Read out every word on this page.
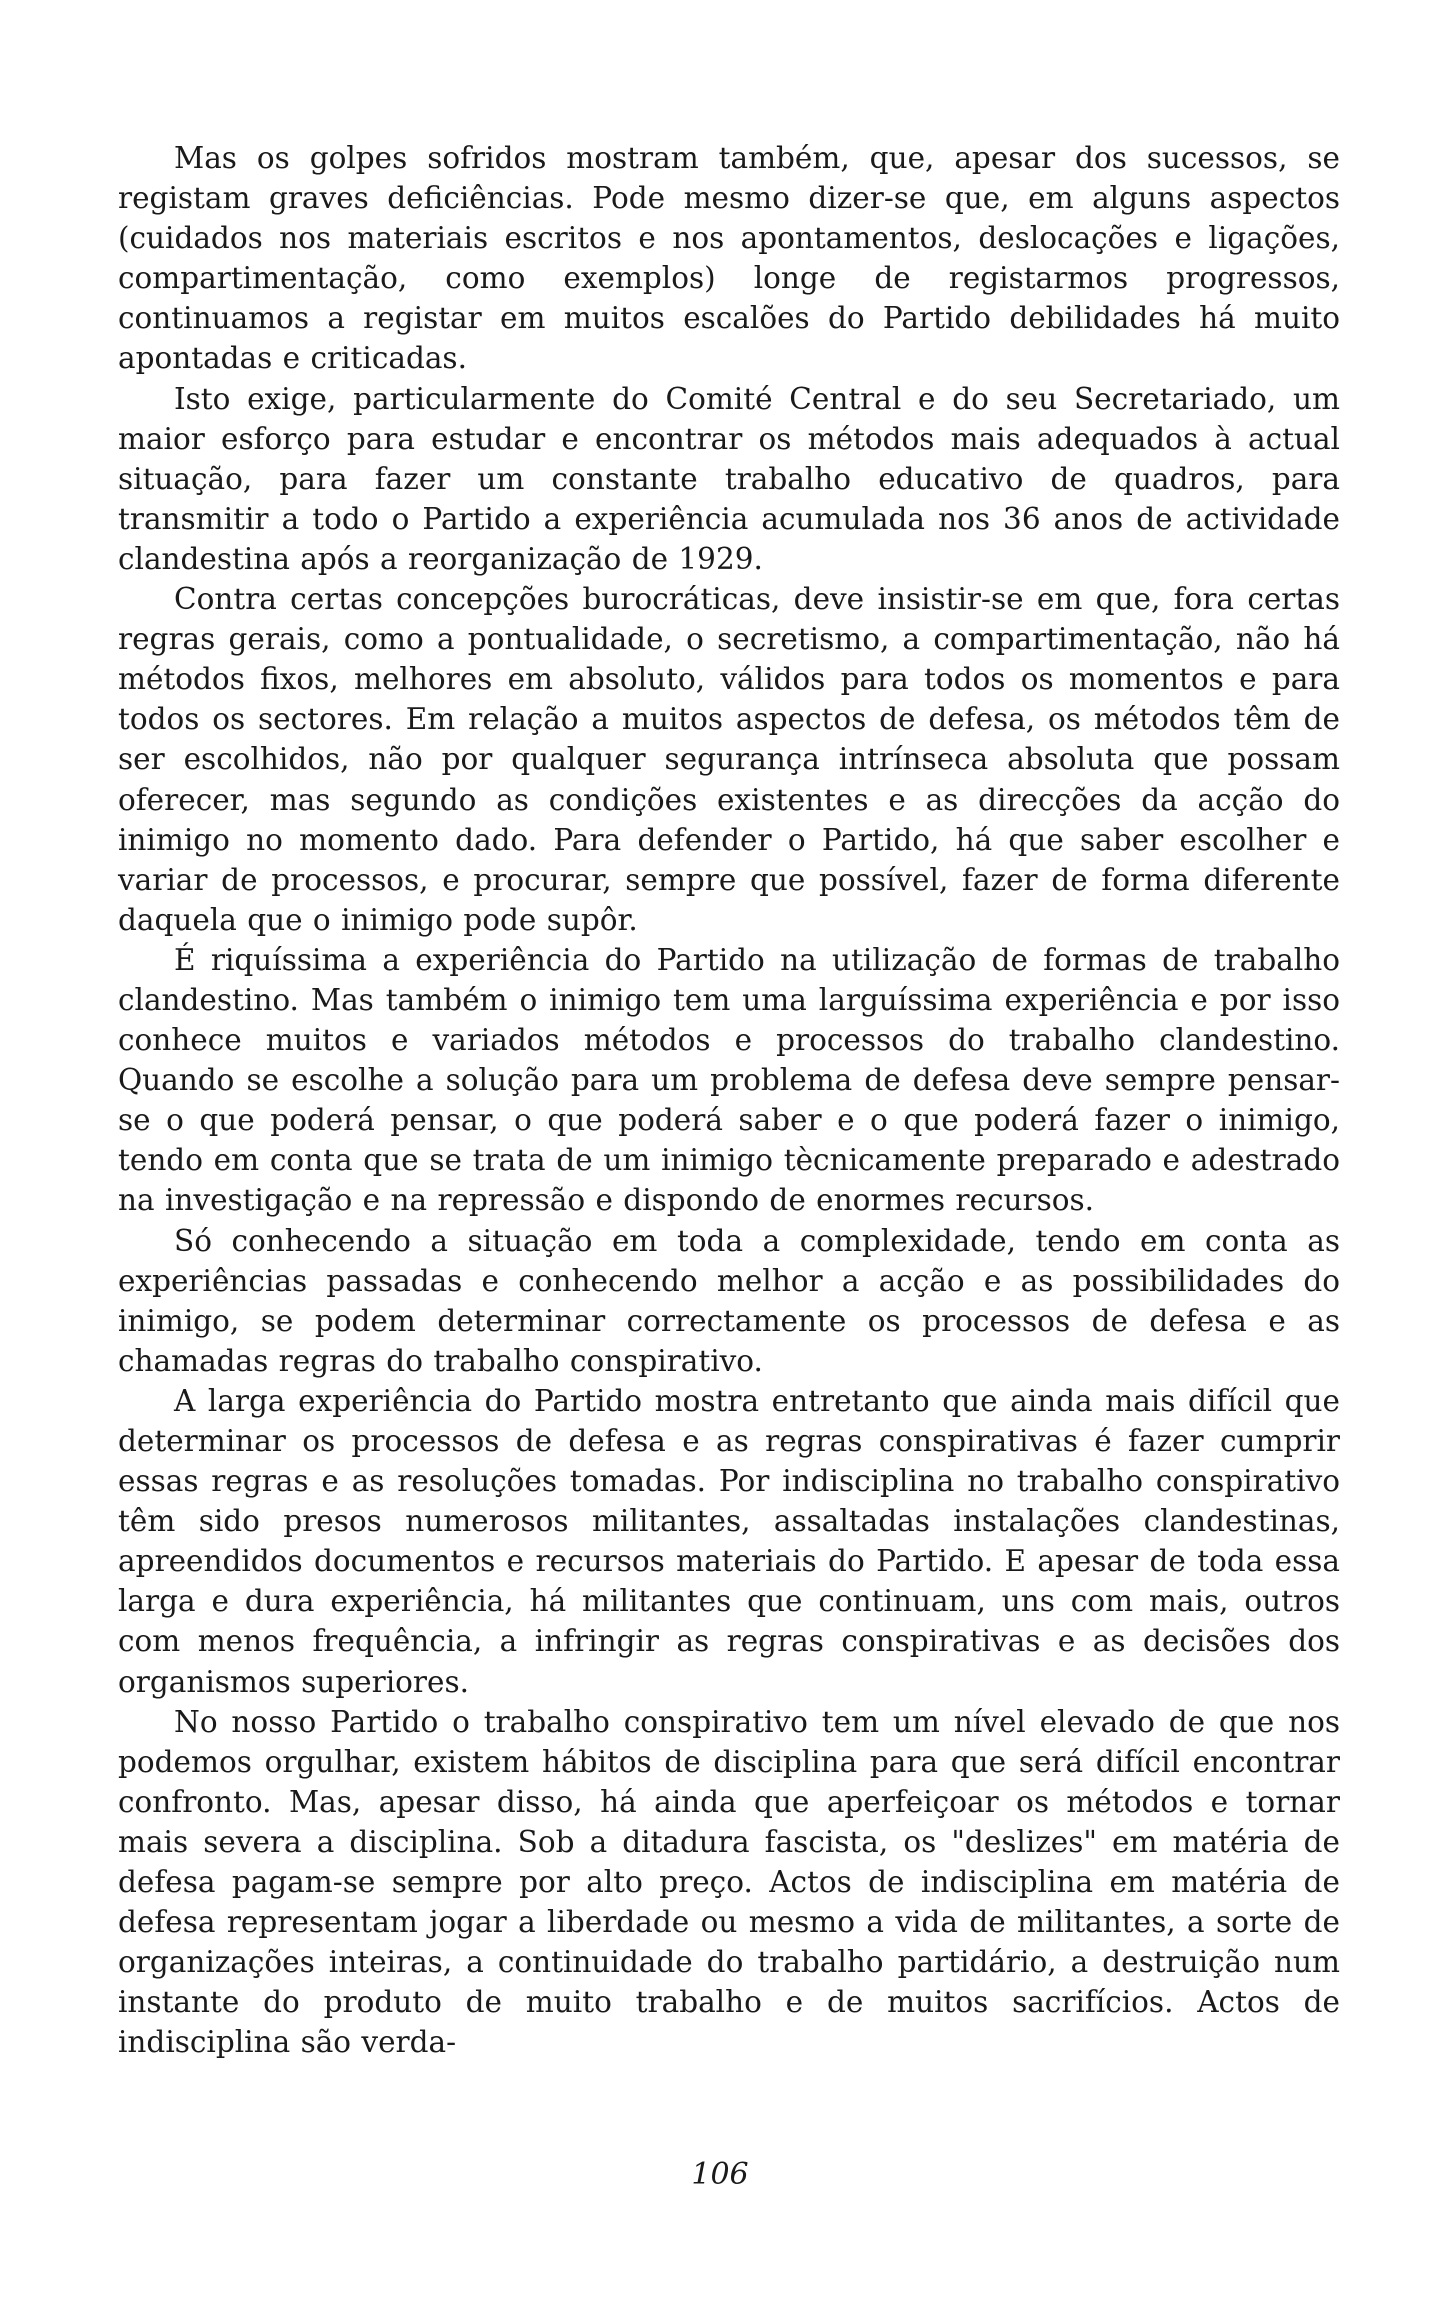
Mas os golpes sofridos mostram também, que, apesar dos sucessos, se registam graves deficiências. Pode mesmo dizer-se que, em alguns aspectos (cuidados nos materiais escritos e nos apontamentos, deslocações e ligações, compartimentação, como exemplos) longe de registarmos progressos, continuamos a registar em muitos escalões do Partido debilidades há muito apontadas e criticadas.

Isto exige, particularmente do Comité Central e do seu Secretariado, um maior esforço para estudar e encontrar os métodos mais adequados à actual situação, para fazer um constante trabalho educativo de quadros, para transmitir a todo o Partido a experiência acumulada nos 36 anos de actividade clandestina após a reorganização de 1929.

Contra certas concepções burocráticas, deve insistir-se em que, fora certas regras gerais, como a pontualidade, o secretismo, a compartimentação, não há métodos fixos, melhores em absoluto, válidos para todos os momentos e para todos os sectores. Em relação a muitos aspectos de defesa, os métodos têm de ser escolhidos, não por qualquer segurança intrínseca absoluta que possam oferecer, mas segundo as condições existentes e as direcções da acção do inimigo no momento dado. Para defender o Partido, há que saber escolher e variar de processos, e procurar, sempre que possível, fazer de forma diferente daquela que o inimigo pode supôr.

É riquíssima a experiência do Partido na utilização de formas de trabalho clandestino. Mas também o inimigo tem uma larguíssima experiência e por isso conhece muitos e variados métodos e processos do trabalho clandestino. Quando se escolhe a solução para um problema de defesa deve sempre pensar-se o que poderá pensar, o que poderá saber e o que poderá fazer o inimigo, tendo em conta que se trata de um inimigo tècnicamente preparado e adestrado na investigação e na repressão e dispondo de enormes recursos.

Só conhecendo a situação em toda a complexidade, tendo em conta as experiências passadas e conhecendo melhor a acção e as possibilidades do inimigo, se podem determinar correctamente os processos de defesa e as chamadas regras do trabalho conspirativo.

A larga experiência do Partido mostra entretanto que ainda mais difícil que determinar os processos de defesa e as regras conspirativas é fazer cumprir essas regras e as resoluções tomadas. Por indisciplina no trabalho conspirativo têm sido presos numerosos militantes, assaltadas instalações clandestinas, apreendidos documentos e recursos materiais do Partido. E apesar de toda essa larga e dura experiência, há militantes que continuam, uns com mais, outros com menos frequência, a infringir as regras conspirativas e as decisões dos organismos superiores.

No nosso Partido o trabalho conspirativo tem um nível elevado de que nos podemos orgulhar, existem hábitos de disciplina para que será difícil encontrar confronto. Mas, apesar disso, há ainda que aperfeiçoar os métodos e tornar mais severa a disciplina. Sob a ditadura fascista, os "deslizes" em matéria de defesa pagam-se sempre por alto preço. Actos de indisciplina em matéria de defesa representam jogar a liberdade ou mesmo a vida de militantes, a sorte de organizações inteiras, a continuidade do trabalho partidário, a destruição num instante do produto de muito trabalho e de muitos sacrifícios. Actos de indisciplina são verda-

106
